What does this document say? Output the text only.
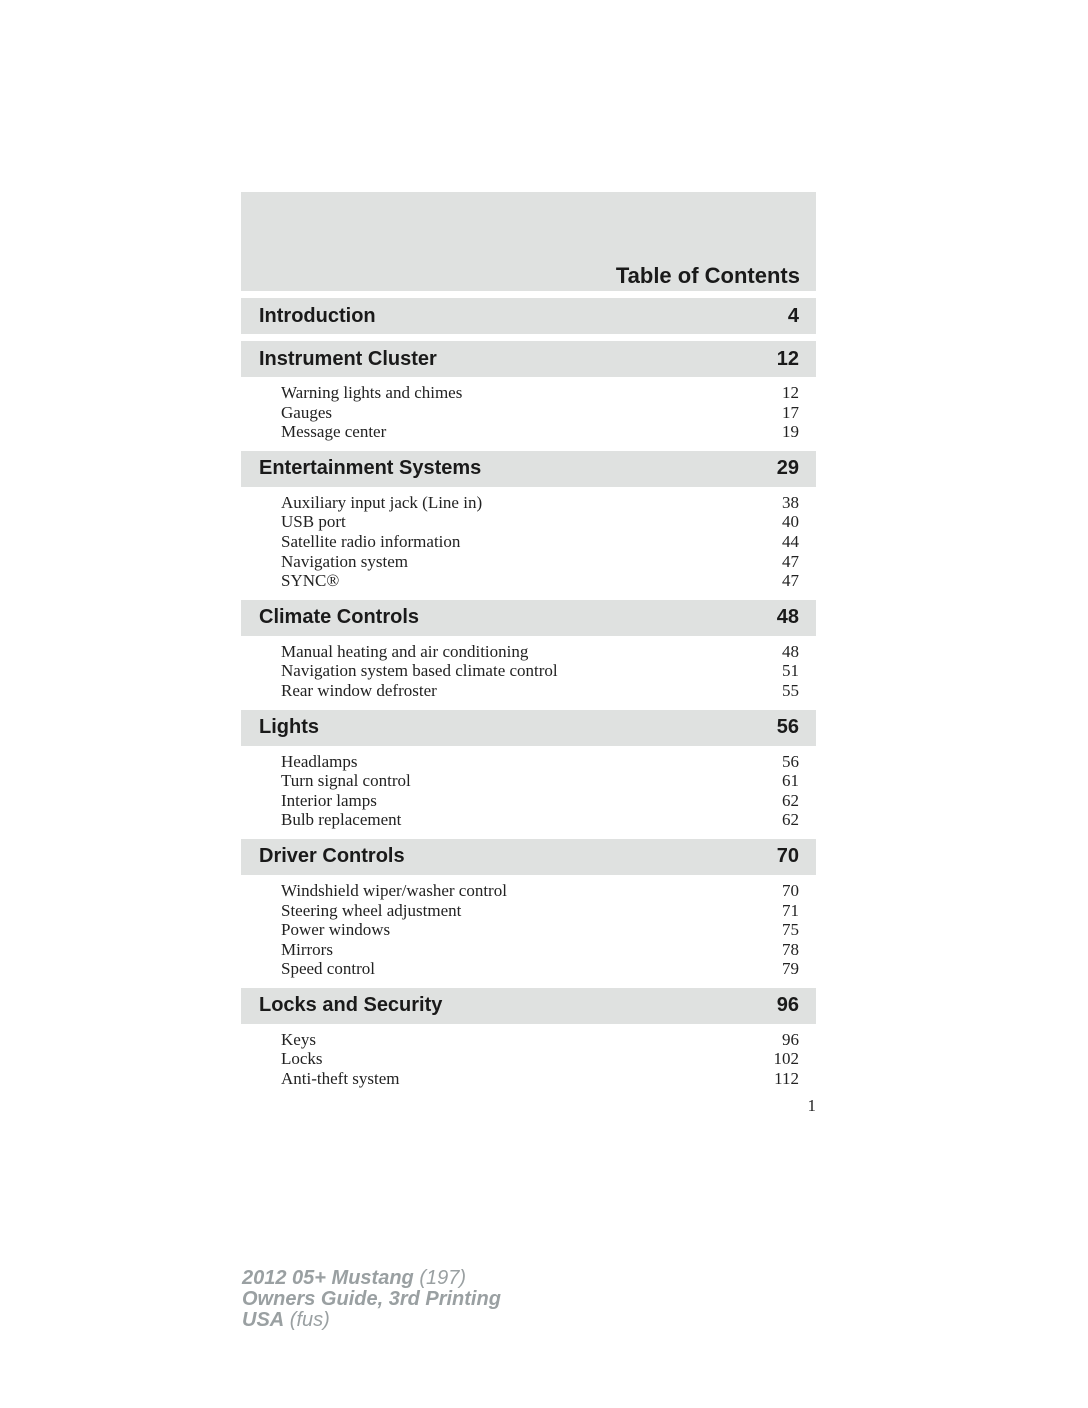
Table of Contents
Introduction	4
Instrument Cluster	12
Warning lights and chimes	12
Gauges	17
Message center	19
Entertainment Systems	29
Auxiliary input jack (Line in)	38
USB port	40
Satellite radio information	44
Navigation system	47
SYNC®	47
Climate Controls	48
Manual heating and air conditioning	48
Navigation system based climate control	51
Rear window defroster	55
Lights	56
Headlamps	56
Turn signal control	61
Interior lamps	62
Bulb replacement	62
Driver Controls	70
Windshield wiper/washer control	70
Steering wheel adjustment	71
Power windows	75
Mirrors	78
Speed control	79
Locks and Security	96
Keys	96
Locks	102
Anti-theft system	112
1
2012 05+ Mustang (197)
Owners Guide, 3rd Printing
USA (fus)
